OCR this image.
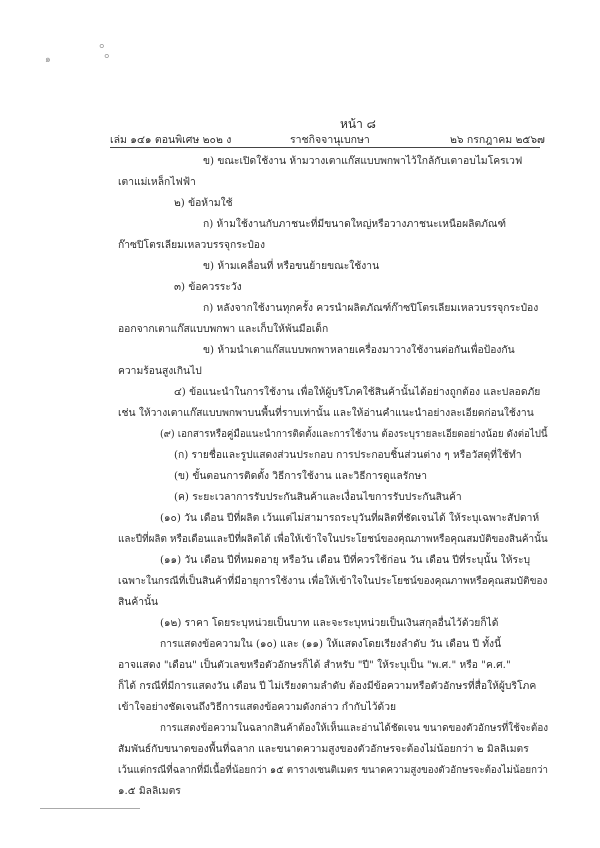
๑
๐
๐
หน้า ๘
เล่ม ๑๔๑ ตอนพิเศษ ๒๐๒ ง	ราชกิจจานุเบกษา	๒๖ กรกฎาคม ๒๕๖๗
ข) ขณะเปิดใช้งาน ห้ามวางเตาแก๊สแบบพกพาไว้ใกล้กับเตาอบไมโครเวฟ
เตาแม่เหล็กไฟฟ้า
๒) ข้อห้ามใช้
ก) ห้ามใช้งานกับภาชนะที่มีขนาดใหญ่หรือวางภาชนะเหนือผลิตภัณฑ์
ก๊าซปิโตรเลียมเหลวบรรจุกระป๋อง
ข) ห้ามเคลื่อนที่ หรือขนย้ายขณะใช้งาน
๓) ข้อควรระวัง
ก) หลังจากใช้งานทุกครั้ง ควรนำผลิตภัณฑ์ก๊าซปิโตรเลียมเหลวบรรจุกระป๋อง
ออกจากเตาแก๊สแบบพกพา และเก็บให้พ้นมือเด็ก
ข) ห้ามนำเตาแก๊สแบบพกพาหลายเครื่องมาวางใช้งานต่อกันเพื่อป้องกัน
ความร้อนสูงเกินไป
๔) ข้อแนะนำในการใช้งาน เพื่อให้ผู้บริโภคใช้สินค้านั้นได้อย่างถูกต้อง และปลอดภัย
เช่น ให้วางเตาแก๊สแบบพกพาบนพื้นที่ราบเท่านั้น และให้อ่านคำแนะนำอย่างละเอียดก่อนใช้งาน
(๙) เอกสารหรือคู่มือแนะนำการติดตั้งและการใช้งาน ต้องระบุรายละเอียดอย่างน้อย ดังต่อไปนี้
(ก) รายชื่อและรูปแสดงส่วนประกอบ การประกอบชิ้นส่วนต่าง ๆ หรือวัสดุที่ใช้ทำ
(ข) ขั้นตอนการติดตั้ง วิธีการใช้งาน และวิธีการดูแลรักษา
(ค) ระยะเวลาการรับประกันสินค้าและเงื่อนไขการรับประกันสินค้า
(๑๐) วัน เดือน ปีที่ผลิต เว้นแต่ไม่สามารถระบุวันที่ผลิตที่ชัดเจนได้ ให้ระบุเฉพาะสัปดาห์
และปีที่ผลิต หรือเดือนและปีที่ผลิตได้ เพื่อให้เข้าใจในประโยชน์ของคุณภาพหรือคุณสมบัติของสินค้านั้น
(๑๑) วัน เดือน ปีที่หมดอายุ หรือวัน เดือน ปีที่ควรใช้ก่อน วัน เดือน ปีที่ระบุนั้น ให้ระบุ
เฉพาะในกรณีที่เป็นสินค้าที่มีอายุการใช้งาน เพื่อให้เข้าใจในประโยชน์ของคุณภาพหรือคุณสมบัติของ
สินค้านั้น
(๑๒) ราคา โดยระบุหน่วยเป็นบาท และจะระบุหน่วยเป็นเงินสกุลอื่นไว้ด้วยก็ได้
การแสดงข้อความใน (๑๐) และ (๑๑) ให้แสดงโดยเรียงลำดับ วัน เดือน ปี ทั้งนี้
อาจแสดง "เดือน" เป็นตัวเลขหรือตัวอักษรก็ได้ สำหรับ "ปี" ให้ระบุเป็น "พ.ศ." หรือ "ค.ศ."
ก็ได้ กรณีที่มีการแสดงวัน เดือน ปี ไม่เรียงตามลำดับ ต้องมีข้อความหรือตัวอักษรที่สื่อให้ผู้บริโภค
เข้าใจอย่างชัดเจนถึงวิธีการแสดงข้อความดังกล่าว กำกับไว้ด้วย
การแสดงข้อความในฉลากสินค้าต้องให้เห็นและอ่านได้ชัดเจน ขนาดของตัวอักษรที่ใช้จะต้อง
สัมพันธ์กับขนาดของพื้นที่ฉลาก และขนาดความสูงของตัวอักษรจะต้องไม่น้อยกว่า ๒ มิลลิเมตร
เว้นแต่กรณีที่ฉลากที่มีเนื้อที่น้อยกว่า ๑๕ ตารางเซนติเมตร ขนาดความสูงของตัวอักษรจะต้องไม่น้อยกว่า
๑.๕ มิลลิเมตร
